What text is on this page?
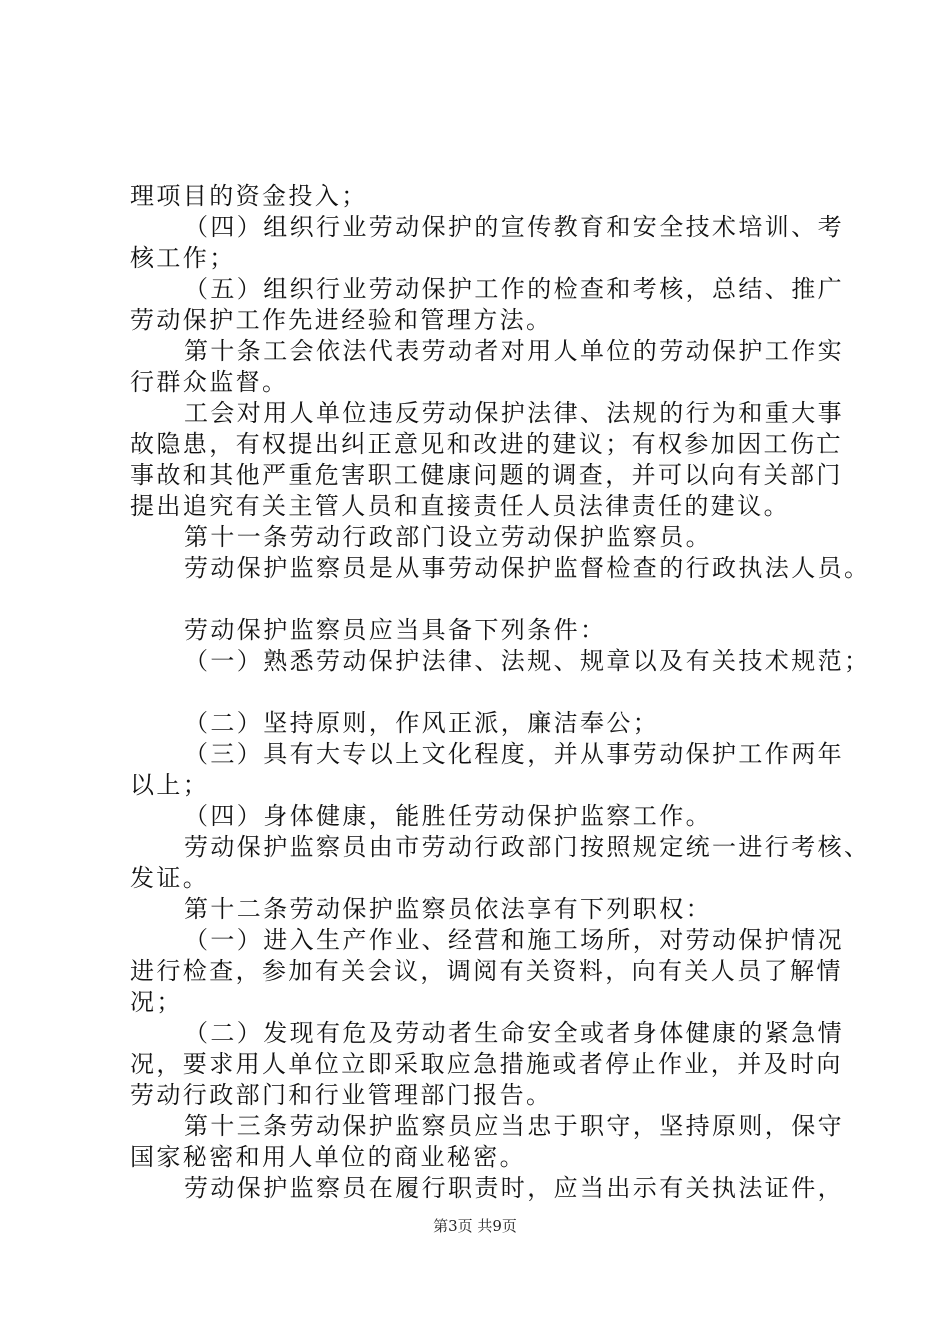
理项目的资金投入；
（四）组织行业劳动保护的宣传教育和安全技术培训、考
核工作；
（五）组织行业劳动保护工作的检查和考核，总结、推广
劳动保护工作先进经验和管理方法。
第十条工会依法代表劳动者对用人单位的劳动保护工作实
行群众监督。
工会对用人单位违反劳动保护法律、法规的行为和重大事
故隐患，有权提出纠正意见和改进的建议；有权参加因工伤亡
事故和其他严重危害职工健康问题的调查，并可以向有关部门
提出追究有关主管人员和直接责任人员法律责任的建议。
第十一条劳动行政部门设立劳动保护监察员。
劳动保护监察员是从事劳动保护监督检查的行政执法人员。
劳动保护监察员应当具备下列条件：
（一）熟悉劳动保护法律、法规、规章以及有关技术规范；
（二）坚持原则，作风正派，廉洁奉公；
（三）具有大专以上文化程度，并从事劳动保护工作两年
以上；
（四）身体健康，能胜任劳动保护监察工作。
劳动保护监察员由市劳动行政部门按照规定统一进行考核、
发证。
第十二条劳动保护监察员依法享有下列职权：
（一）进入生产作业、经营和施工场所，对劳动保护情况
进行检查，参加有关会议，调阅有关资料，向有关人员了解情
况；
（二）发现有危及劳动者生命安全或者身体健康的紧急情
况，要求用人单位立即采取应急措施或者停止作业，并及时向
劳动行政部门和行业管理部门报告。
第十三条劳动保护监察员应当忠于职守，坚持原则，保守
国家秘密和用人单位的商业秘密。
劳动保护监察员在履行职责时，应当出示有关执法证件，
第3页 共9页
